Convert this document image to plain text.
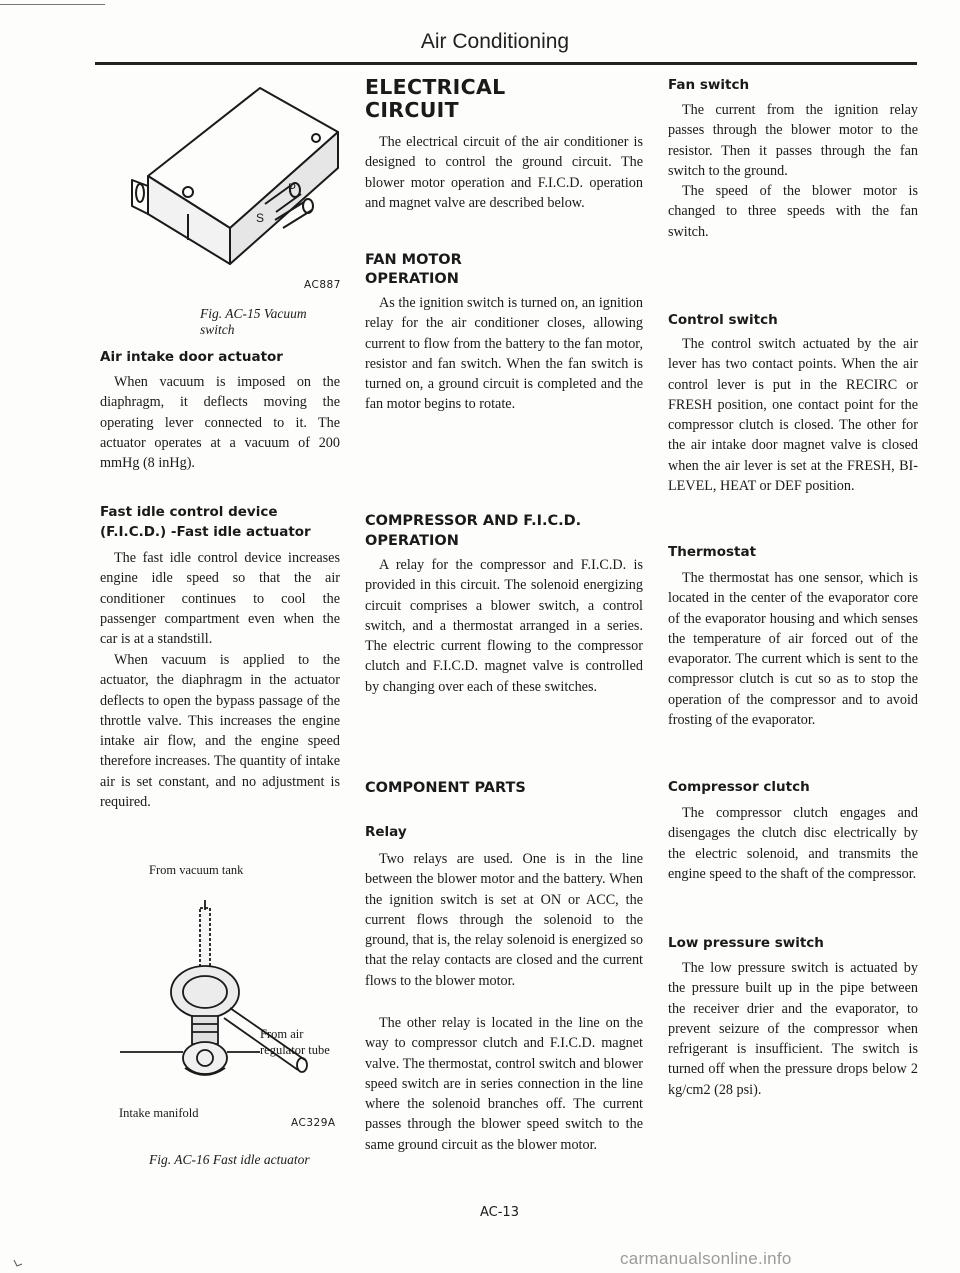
Air Conditioning
S
P
AC887

Fig. AC-15 Vacuum switch

Air intake door actuator

When vacuum is imposed on the diaphragm, it deflects moving the operating lever connected to it. The actuator operates at a vacuum of 200 mmHg (8 inHg).

Fast idle control device

(F.I.C.D.) -Fast idle actuator

The fast idle control device increases engine idle speed so that the air conditioner continues to cool the passenger compartment even when the car is at a standstill.

When vacuum is applied to the actuator, the diaphragm in the actuator deflects to open the bypass passage of the throttle valve. This increases the engine intake air flow, and the engine speed therefore increases. The quantity of intake air is set constant, and no adjustment is required.

From vacuum tank
From air
regulator tube
Intake manifold
AC329A

Fig. AC-16 Fast idle actuator

ELECTRICAL

CIRCUIT

The electrical circuit of the air conditioner is designed to control the ground circuit. The blower motor operation and F.I.C.D. operation and magnet valve are described below.

FAN MOTOR

OPERATION

As the ignition switch is turned on, an ignition relay for the air conditioner closes, allowing current to flow from the battery to the fan motor, resistor and fan switch. When the fan switch is turned on, a ground circuit is completed and the fan motor begins to rotate.

COMPRESSOR AND F.I.C.D.

OPERATION

A relay for the compressor and F.I.C.D. is provided in this circuit. The solenoid energizing circuit comprises a blower switch, a control switch, and a thermostat arranged in a series. The electric current flowing to the compressor clutch and F.I.C.D. magnet valve is controlled by changing over each of these switches.

COMPONENT PARTS

Relay

Two relays are used. One is in the line between the blower motor and the battery. When the ignition switch is set at ON or ACC, the current flows through the solenoid to the ground, that is, the relay solenoid is energized so that the relay contacts are closed and the current flows to the blower motor.

The other relay is located in the line on the way to compressor clutch and F.I.C.D. magnet valve. The thermostat, control switch and blower speed switch are in series connection in the line where the solenoid branches off. The current passes through the blower speed switch to the same ground circuit as the blower motor.

Fan switch

The current from the ignition relay passes through the blower motor to the resistor. Then it passes through the fan switch to the ground.

The speed of the blower motor is changed to three speeds with the fan switch.

Control switch

The control switch actuated by the air lever has two contact points. When the air control lever is put in the RECIRC or FRESH position, one contact point for the compressor clutch is closed. The other for the air intake door magnet valve is closed when the air lever is set at the FRESH, BI-LEVEL, HEAT or DEF position.

Thermostat

The thermostat has one sensor, which is located in the center of the evaporator core of the evaporator housing and which senses the temperature of air forced out of the evaporator. The current which is sent to the compressor clutch is cut so as to stop the operation of the compressor and to avoid frosting of the evaporator.

Compressor clutch

The compressor clutch engages and disengages the clutch disc electrically by the electric solenoid, and transmits the engine speed to the shaft of the compressor.

Low pressure switch

The low pressure switch is actuated by the pressure built up in the pipe between the receiver drier and the evaporator, to prevent seizure of the compressor when refrigerant is insufficient. The switch is turned off when the pressure drops below 2 kg/cm2 (28 psi).

AC-13
carmanualsonline.info
